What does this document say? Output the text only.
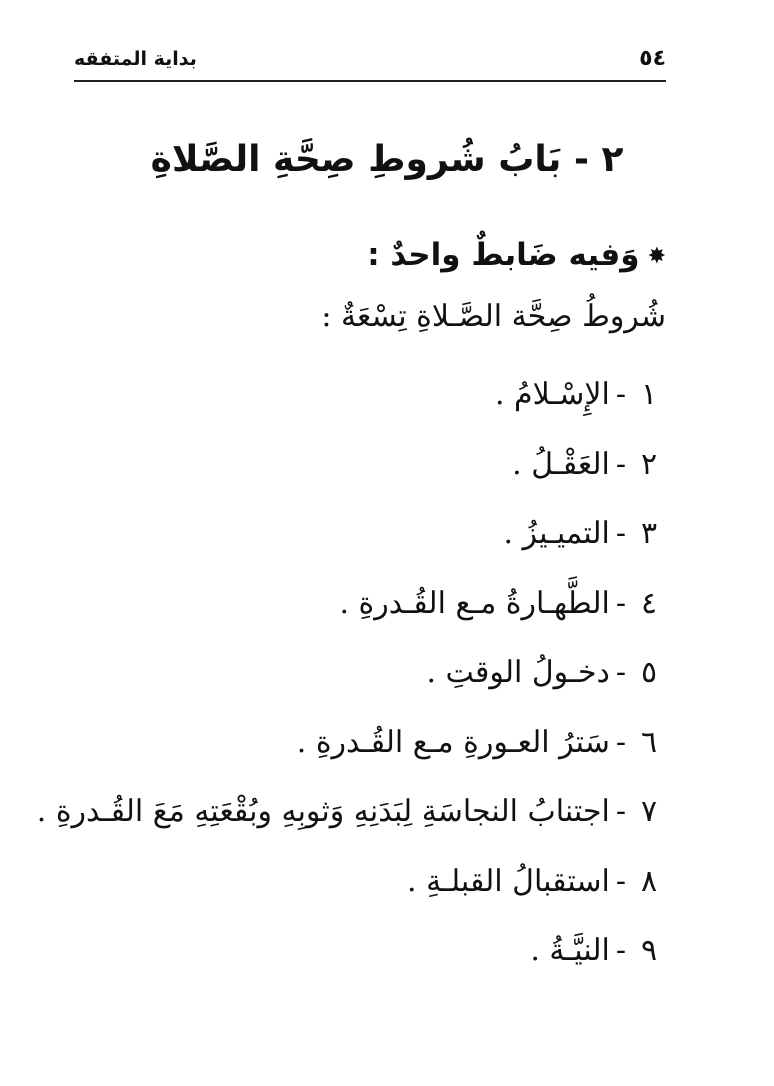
٥٤
بداية المتفقه
٢ - بَابُ شُروطِ صِحَّةِ الصَّلاةِ
✸وَفيه ضَابطٌ واحدٌ :
شُروطُ صِحَّة الصَّـلاةِ تِسْعَةٌ :
١-الإِسْـلامُ .
٢-العَقْـلُ .
٣-التميـيزُ .
٤-الطَّهـارةُ مـع القُـدرةِ .
٥-دخـولُ الوقتِ .
٦-سَترُ العـورةِ مـع القُـدرةِ .
٧-اجتنابُ النجاسَةِ لِبَدَنِهِ وَثوبِهِ وبُقْعَتِهِ مَعَ القُـدرةِ .
٨-استقبالُ القبلـةِ .
٩-النيَّـةُ .
